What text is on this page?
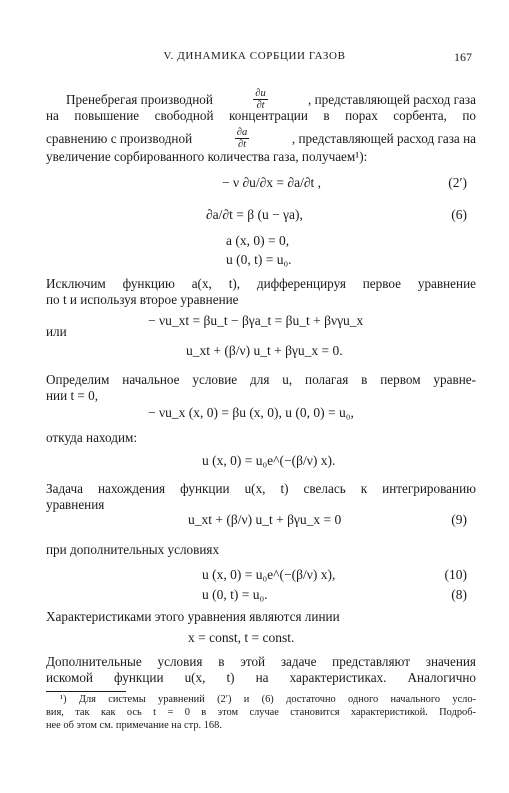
V. ДИНАМИКА СОРБЦИИ ГАЗОВ	167
Пренебрегая производной	$\frac{\partial u}{\partial t}$	, представляющей расход газа
на повышение свободной концентрации в порах сорбента, по
сравнению с производной	$\frac{\partial a}{\partial t}$	, представляющей расход газа на
увеличение сорбированного количества газа, получаем¹):
− ν ∂u/∂x = ∂a/∂t ,	(2′)
∂a/∂t = β (u − γa),	(6)
a (x, 0) = 0,
u (0, t) = u₀.
Исключим функцию a(x, t), дифференцируя первое уравнение
по t и используя второе уравнение
− νu_xt = βu_t − βγa_t = βu_t + βνγu_x
или
u_xt + (β/ν) u_t + βγu_x = 0.
Определим начальное условие для u, полагая в первом уравне-
нии t = 0,
− νu_x (x, 0) = βu (x, 0), u (0, 0) = u₀,
откуда находим:
u (x, 0) = u₀e^(−(β/ν) x).
Задача нахождения функции u(x, t) свелась к интегрированию
уравнения
u_xt + (β/ν) u_t + βγu_x = 0	(9)
при дополнительных условиях
u (x, 0) = u₀e^(−(β/ν) x),	(10)
u (0, t) = u₀.	(8)
Характеристиками этого уравнения являются линии
x = const, t = const.
Дополнительные условия в этой задаче представляют значения
искомой функции u(x, t) на характеристиках. Аналогично
¹) Для системы уравнений (2′) и (6) достаточно одного начального усло-
вия, так как ось t = 0 в этом случае становится характеристикой. Подроб-
нее об этом см. примечание на стр. 168.
